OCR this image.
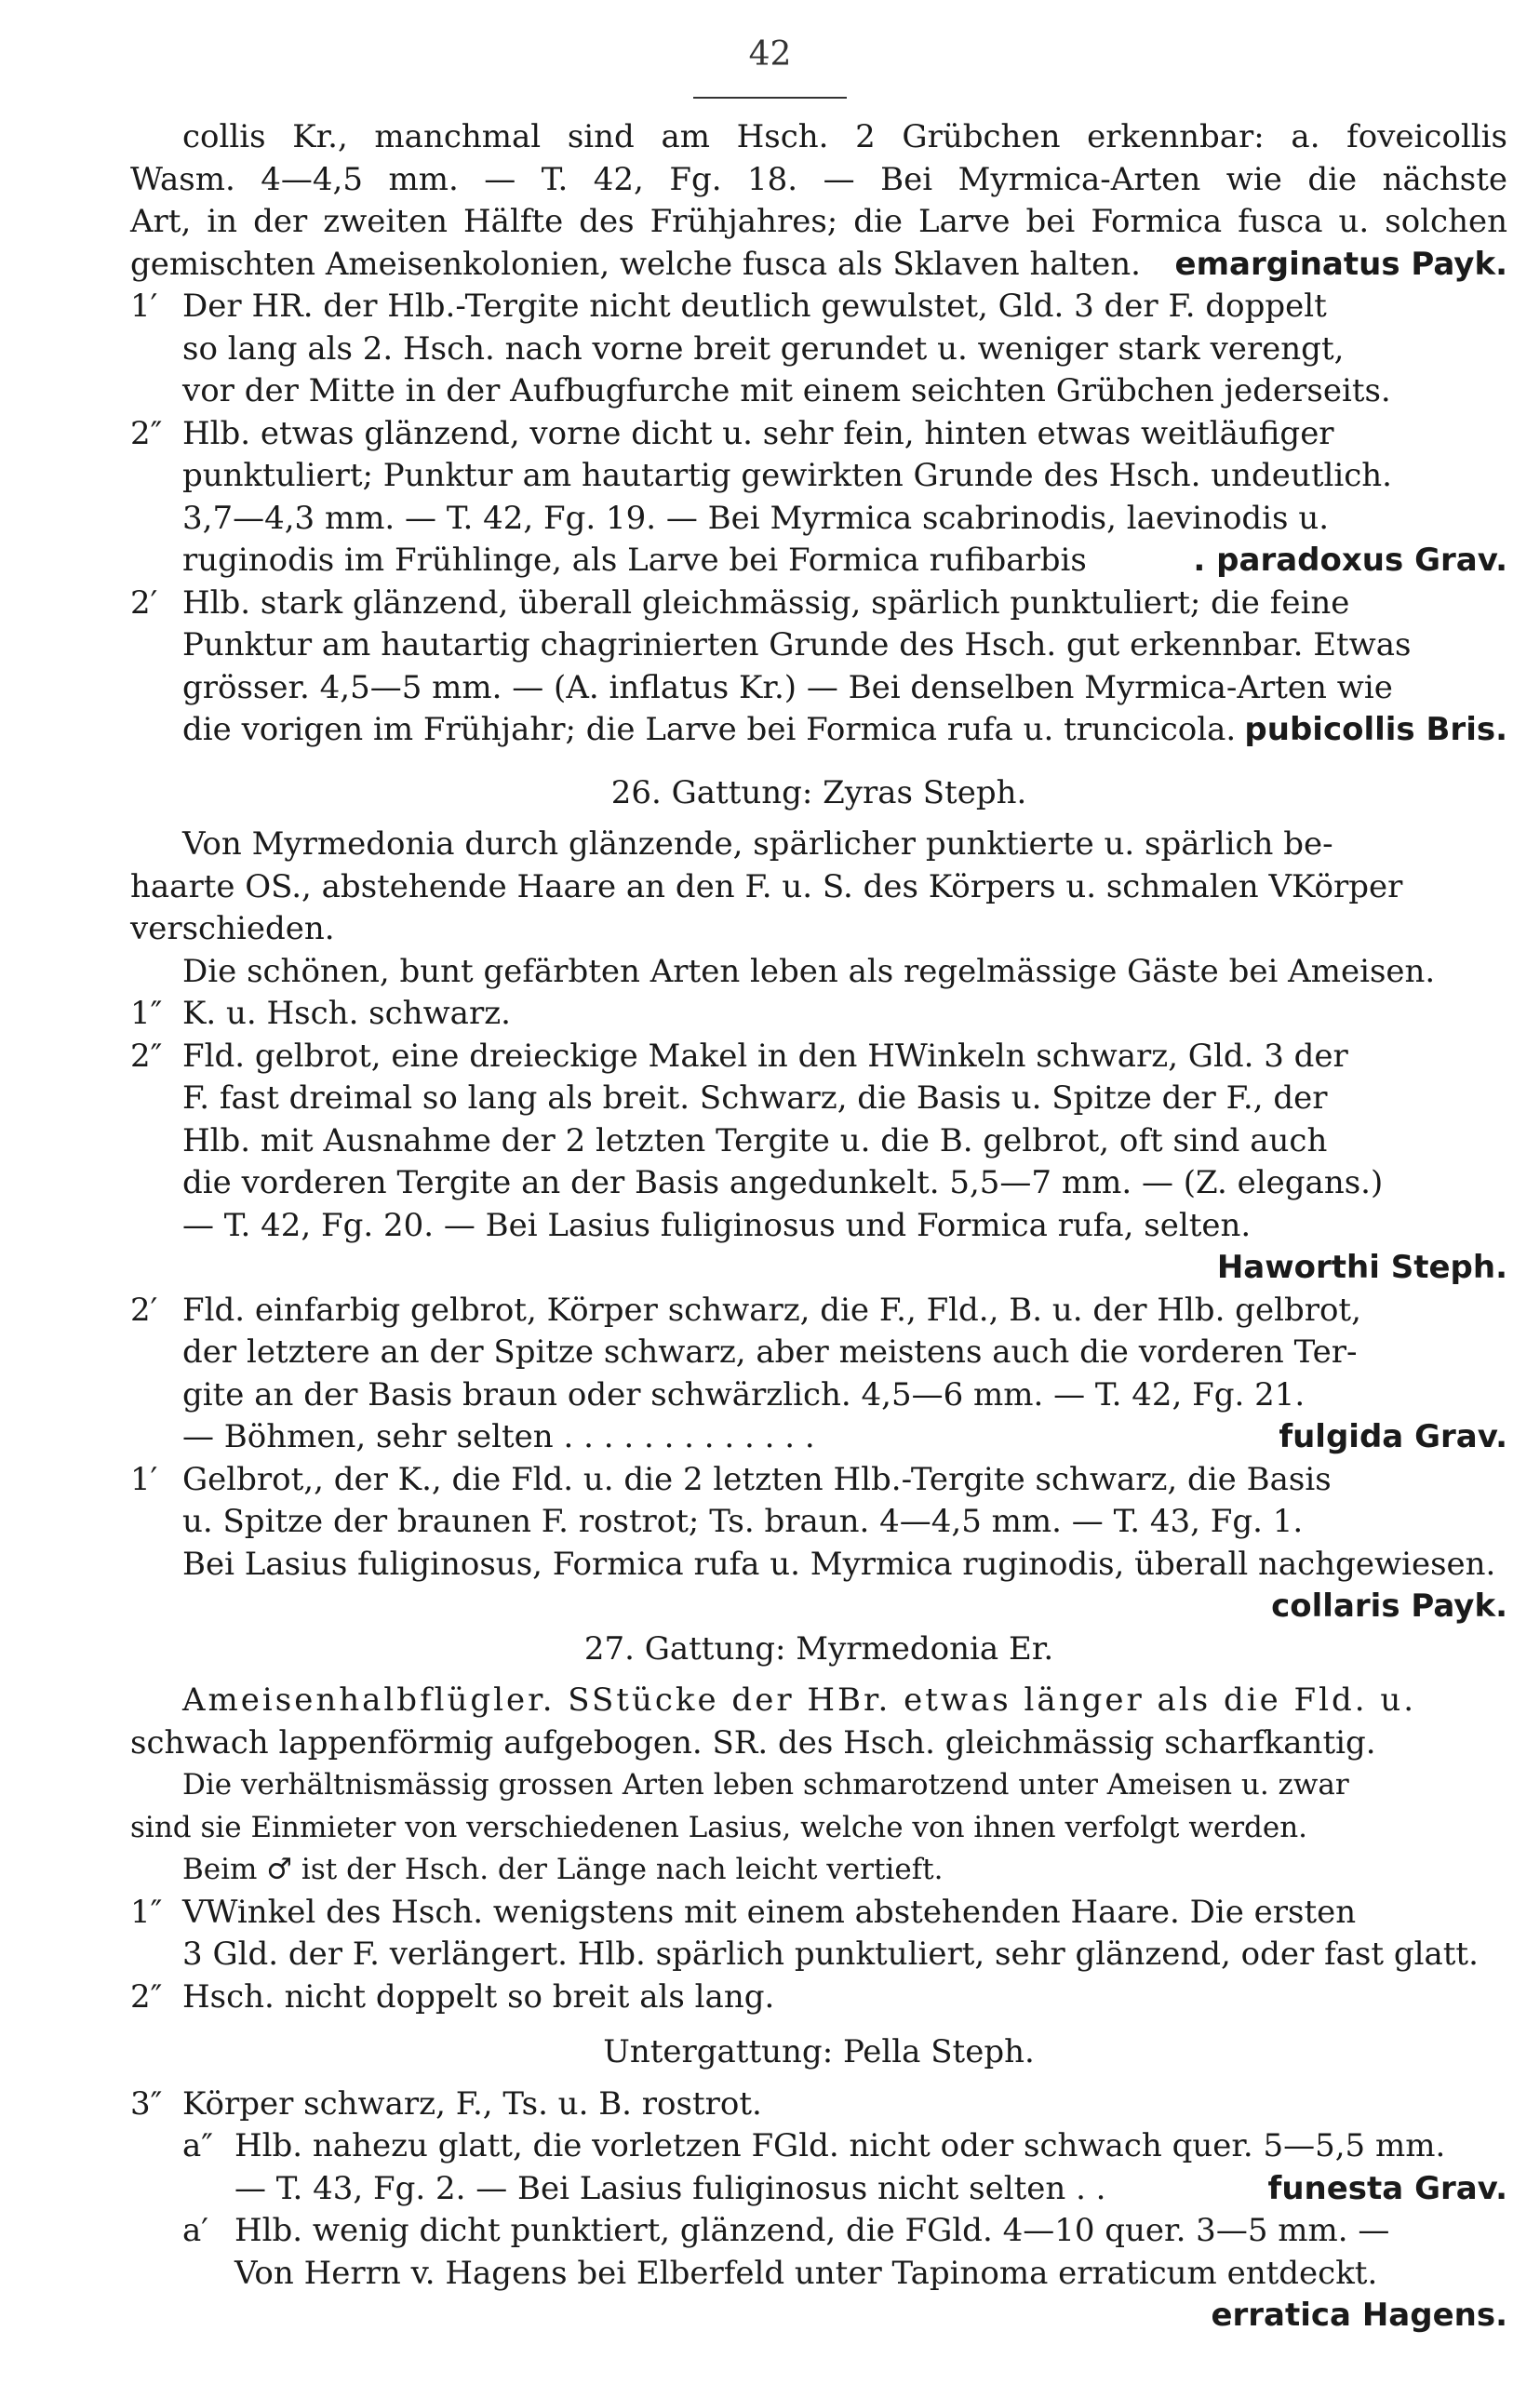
42
collis Kr., manchmal sind am Hsch. 2 Grübchen erkennbar: a. foveicollis
Wasm. 4—4,5 mm. — T. 42, Fg. 18. — Bei Myrmica-Arten wie die nächste
Art, in der zweiten Hälfte des Frühjahres; die Larve bei Formica fusca u. solchen
gemischten Ameisenkolonien, welche fusca als Sklaven halten. emarginatus Payk.
1′ Der HR. der Hlb.-Tergite nicht deutlich gewulstet, Gld. 3 der F. doppelt
so lang als 2. Hsch. nach vorne breit gerundet u. weniger stark verengt,
vor der Mitte in der Aufbugfurche mit einem seichten Grübchen jederseits.
2″ Hlb. etwas glänzend, vorne dicht u. sehr fein, hinten etwas weitläufiger
punktuliert; Punktur am hautartig gewirkten Grunde des Hsch. undeutlich.
3,7—4,3 mm. — T. 42, Fg. 19. — Bei Myrmica scabrinodis, laevinodis u.
ruginodis im Frühlinge, als Larve bei Formica rufibarbis	. paradoxus Grav.
2′ Hlb. stark glänzend, überall gleichmässig, spärlich punktuliert; die feine
Punktur am hautartig chagrinierten Grunde des Hsch. gut erkennbar. Etwas
grösser. 4,5—5 mm. — (A. inflatus Kr.) — Bei denselben Myrmica-Arten wie
die vorigen im Frühjahr; die Larve bei Formica rufa u. truncicola. pubicollis Bris.
26. Gattung: Zyras Steph.
Von Myrmedonia durch glänzende, spärlicher punktierte u. spärlich be-
haarte OS., abstehende Haare an den F. u. S. des Körpers u. schmalen VKörper
verschieden.
Die schönen, bunt gefärbten Arten leben als regelmässige Gäste bei Ameisen.
1″ K. u. Hsch. schwarz.
2″ Fld. gelbrot, eine dreieckige Makel in den HWinkeln schwarz, Gld. 3 der
F. fast dreimal so lang als breit. Schwarz, die Basis u. Spitze der F., der
Hlb. mit Ausnahme der 2 letzten Tergite u. die B. gelbrot, oft sind auch
die vorderen Tergite an der Basis angedunkelt. 5,5—7 mm. — (Z. elegans.)
— T. 42, Fg. 20. — Bei Lasius fuliginosus und Formica rufa, selten.
Haworthi Steph.
2′ Fld. einfarbig gelbrot, Körper schwarz, die F., Fld., B. u. der Hlb. gelbrot,
der letztere an der Spitze schwarz, aber meistens auch die vorderen Ter-
gite an der Basis braun oder schwärzlich. 4,5—6 mm. — T. 42, Fg. 21.
— Böhmen, sehr selten . . . . . . . . . . . . .	fulgida Grav.
1′ Gelbrot,, der K., die Fld. u. die 2 letzten Hlb.-Tergite schwarz, die Basis
u. Spitze der braunen F. rostrot; Ts. braun. 4—4,5 mm. — T. 43, Fg. 1.
Bei Lasius fuliginosus, Formica rufa u. Myrmica ruginodis, überall nachgewiesen.
collaris Payk.
27. Gattung: Myrmedonia Er.
Ameisenhalbflügler. SStücke der HBr. etwas länger als die Fld. u.
schwach lappenförmig aufgebogen. SR. des Hsch. gleichmässig scharfkantig.
Die verhältnismässig grossen Arten leben schmarotzend unter Ameisen u. zwar
sind sie Einmieter von verschiedenen Lasius, welche von ihnen verfolgt werden.
Beim ♂ ist der Hsch. der Länge nach leicht vertieft.
1″ VWinkel des Hsch. wenigstens mit einem abstehenden Haare. Die ersten
3 Gld. der F. verlängert. Hlb. spärlich punktuliert, sehr glänzend, oder fast glatt.
2″ Hsch. nicht doppelt so breit als lang.
Untergattung: Pella Steph.
3″ Körper schwarz, F., Ts. u. B. rostrot.
a″ Hlb. nahezu glatt, die vorletzen FGld. nicht oder schwach quer. 5—5,5 mm.
— T. 43, Fg. 2. — Bei Lasius fuliginosus nicht selten . .	funesta Grav.
a′ Hlb. wenig dicht punktiert, glänzend, die FGld. 4—10 quer. 3—5 mm. —
Von Herrn v. Hagens bei Elberfeld unter Tapinoma erraticum entdeckt.
erratica Hagens.
